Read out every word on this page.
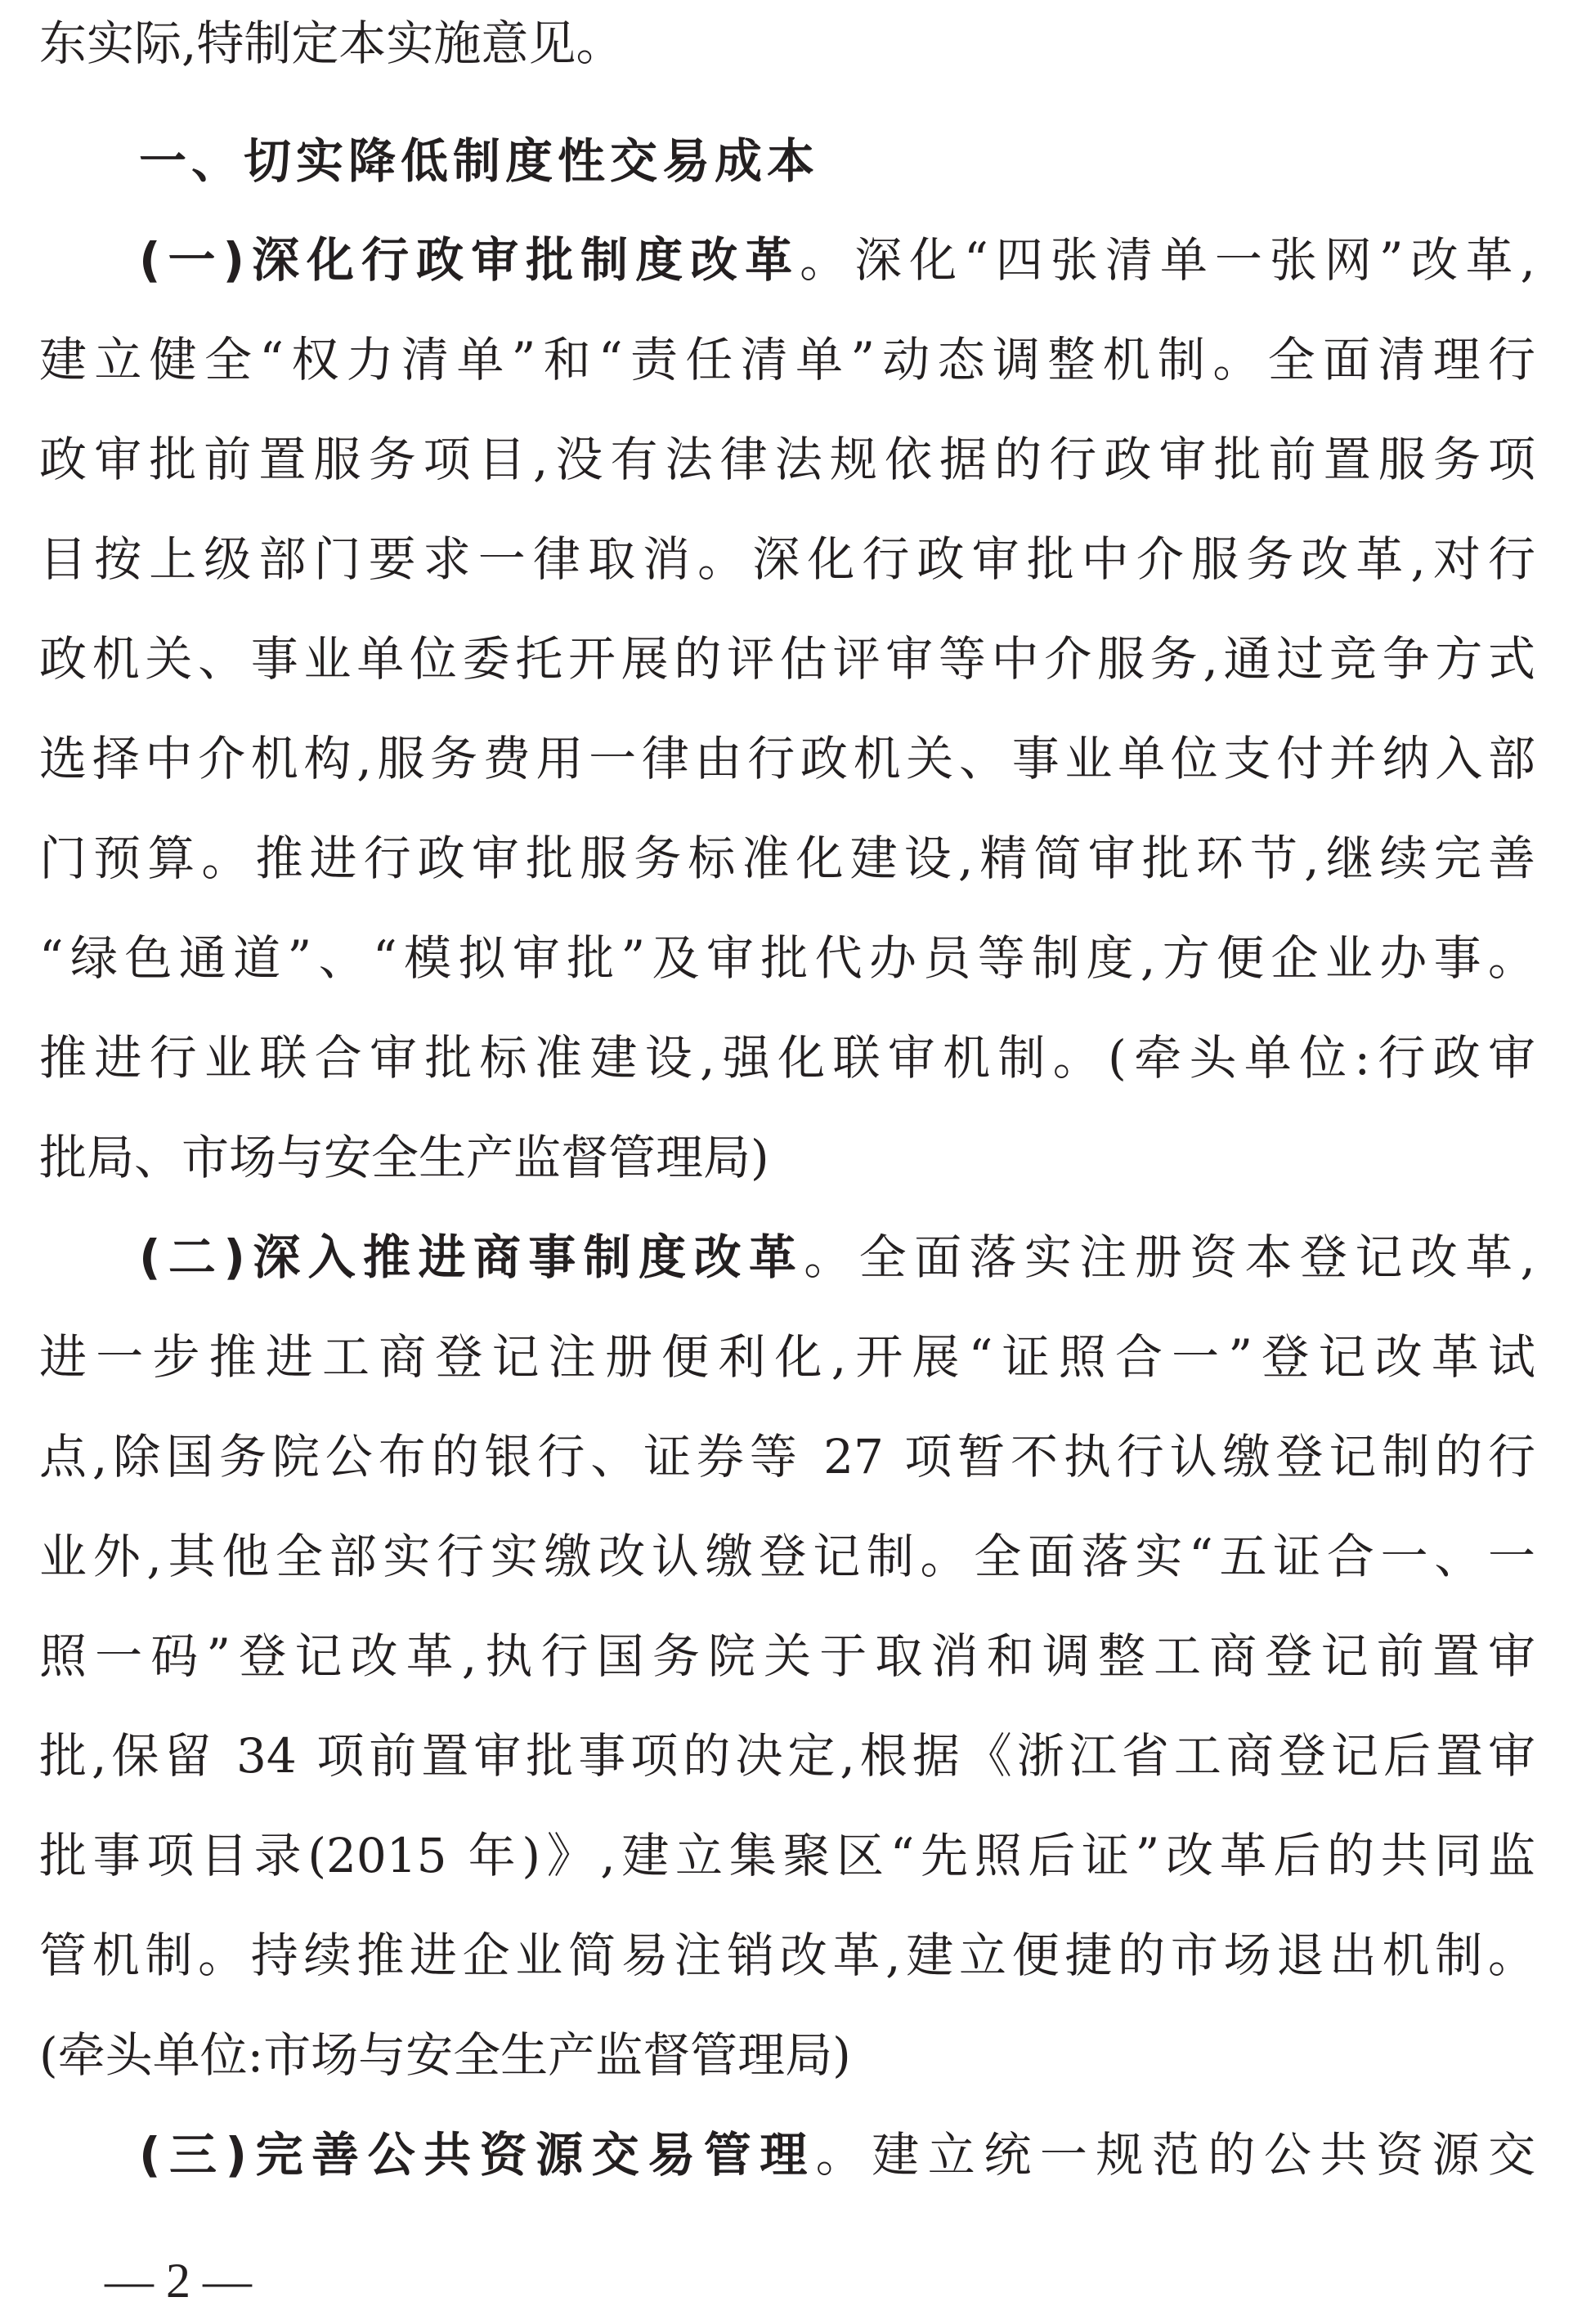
东实际,特制定本实施意见。
一、切实降低制度性交易成本
(一)深化行政审批制度改革。深化“四张清单一张网”改革,
建立健全“权力清单”和“责任清单”动态调整机制。全面清理行
政审批前置服务项目,没有法律法规依据的行政审批前置服务项
目按上级部门要求一律取消。深化行政审批中介服务改革,对行
政机关、事业单位委托开展的评估评审等中介服务,通过竞争方式
选择中介机构,服务费用一律由行政机关、事业单位支付并纳入部
门预算。推进行政审批服务标准化建设,精简审批环节,继续完善
“绿色通道”、“模拟审批”及审批代办员等制度,方便企业办事。
推进行业联合审批标准建设,强化联审机制。(牵头单位:行政审
批局、市场与安全生产监督管理局)
(二)深入推进商事制度改革。全面落实注册资本登记改革,
进一步推进工商登记注册便利化,开展“证照合一”登记改革试
点,除国务院公布的银行、证券等 27 项暂不执行认缴登记制的行
业外,其他全部实行实缴改认缴登记制。全面落实“五证合一、一
照一码”登记改革,执行国务院关于取消和调整工商登记前置审
批,保留 34 项前置审批事项的决定,根据《浙江省工商登记后置审
批事项目录(2015 年)》,建立集聚区“先照后证”改革后的共同监
管机制。持续推进企业简易注销改革,建立便捷的市场退出机制。
(牵头单位:市场与安全生产监督管理局)
(三)完善公共资源交易管理。建立统一规范的公共资源交
— 2 —
